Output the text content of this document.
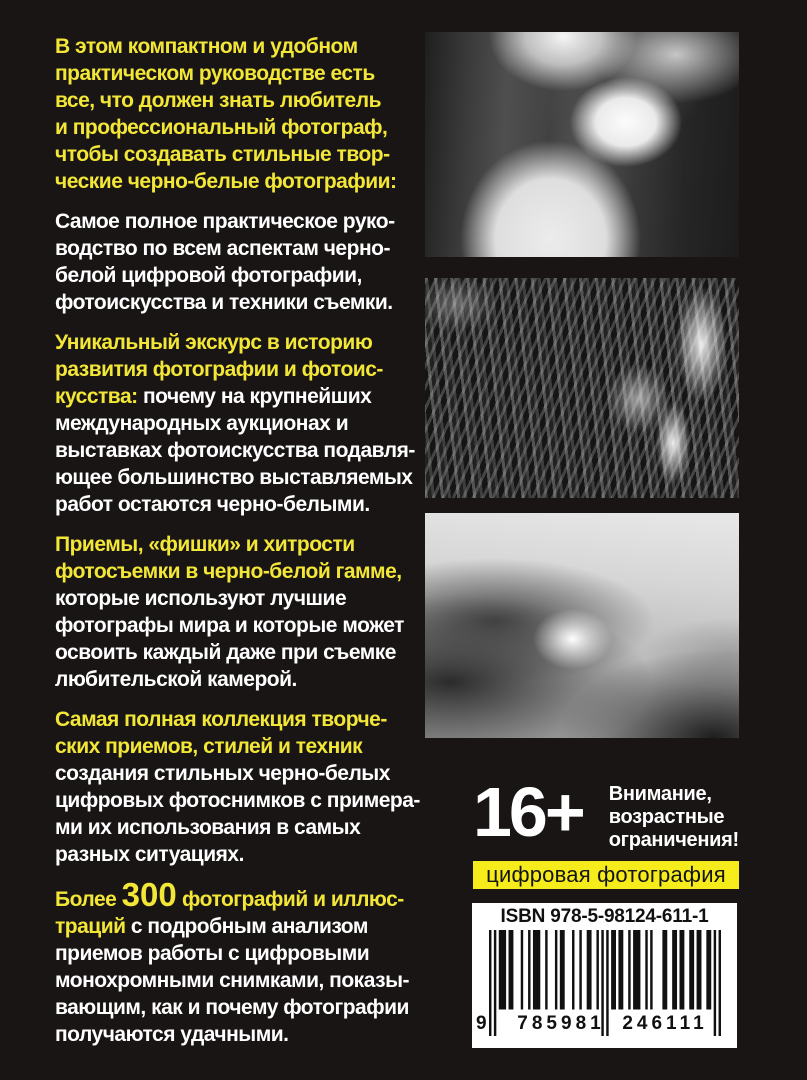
В этом компактном и удобном
практическом руководстве есть
все, что должен знать любитель
и профессиональный фотограф,
чтобы создавать стильные твор-
ческие черно-белые фотографии:
Самое полное практическое руко-
водство по всем аспектам черно-
белой цифровой фотографии,
фотоискусства и техники съемки.
Уникальный экскурс в историю
развития фотографии и фотоис-
кусства: почему на крупнейших
международных аукционах и
выставках фотоискусства подавля-
ющее большинство выставляемых
работ остаются черно-белыми.
Приемы, «фишки» и хитрости
фотосъемки в черно-белой гамме,
которые используют лучшие
фотографы мира и которые может
освоить каждый даже при съемке
любительской камерой.
Самая полная коллекция творче-
ских приемов, стилей и техник
создания стильных черно-белых
цифровых фотоснимков с примера-
ми их использования в самых
разных ситуациях.
Более 300 фотографий и иллюс-
траций с подробным анализом
приемов работы с цифровыми
монохромными снимками, показы-
вающим, как и почему фотографии
получаются удачными.
16+ Внимание,
возрастные
ограничения!
цифровая фотография
ISBN 978-5-98124-611-1
9	785981 246111
